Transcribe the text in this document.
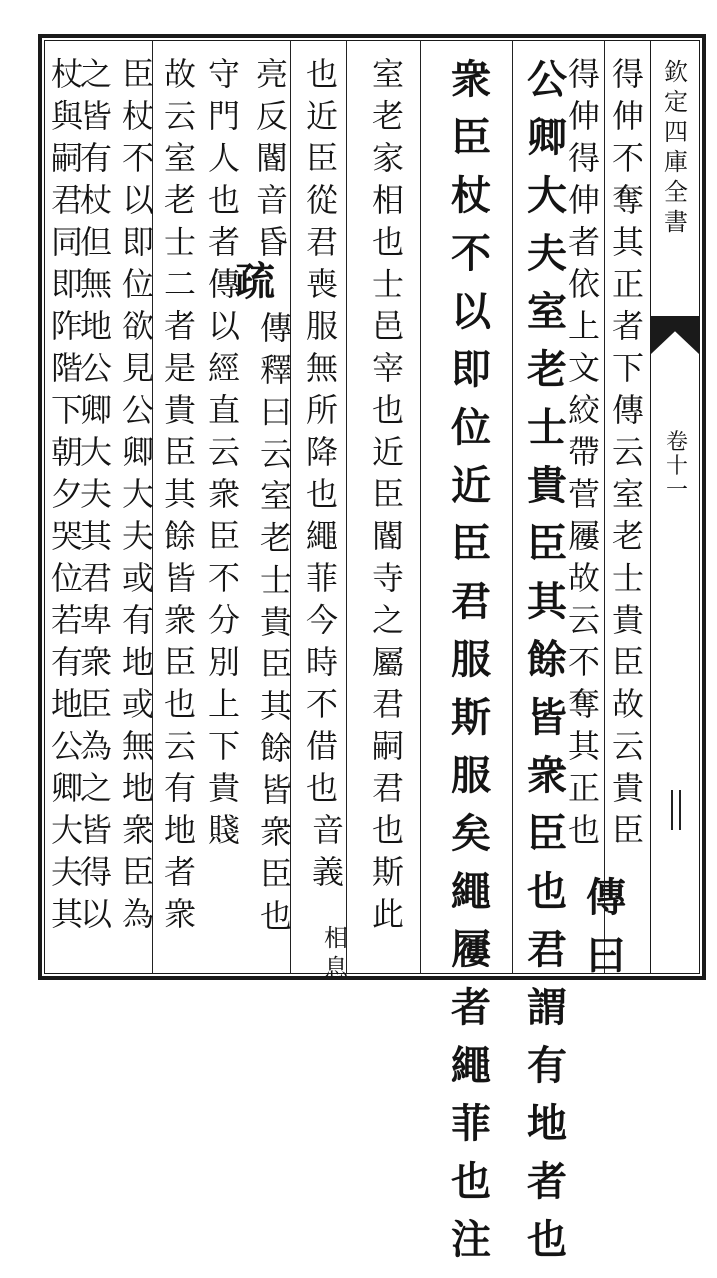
欽
定
四
庫
全
書
卷
十
一
得
伸
不
奪
其
正
者
下
傳
云
室
老
士
貴
臣
故
云
貴
臣
得
伸
得
伸
者
依
上
文
絞
帶
菅
屨
故
云
不
奪
其
正
也
傳
曰
公
卿
大
夫
室
老
士
貴
臣
其
餘
皆
衆
臣
也
君
謂
有
地
者
也
衆
臣
杖
不
以
即
位
近
臣
君
服
斯
服
矣
繩
屨
者
繩
菲
也
注
室
老
家
相
也
士
邑
宰
也
近
臣
閽
寺
之
屬
君
嗣
君
也
斯
此
也
近
臣
從
君
喪
服
無
所
降
也
繩
菲
今
時
不
借
也
音
義
相
息
亮
反
閽
音
昏
疏
傳
釋
曰
云
室
老
士
貴
臣
其
餘
皆
衆
臣
也
守
門
人
也
者
傳
以
經
直
云
衆
臣
不
分
別
上
下
貴
賤
故
云
室
老
士
二
者
是
貴
臣
其
餘
皆
衆
臣
也
云
有
地
者
衆
臣
杖
不
以
即
位
欲
見
公
卿
大
夫
或
有
地
或
無
地
衆
臣
為
之
皆
有
杖
但
無
地
公
卿
大
夫
其
君
卑
衆
臣
為
之
皆
得
以
杖
與
嗣
君
同
即
阼
階
下
朝
夕
哭
位
若
有
地
公
卿
大
夫
其
